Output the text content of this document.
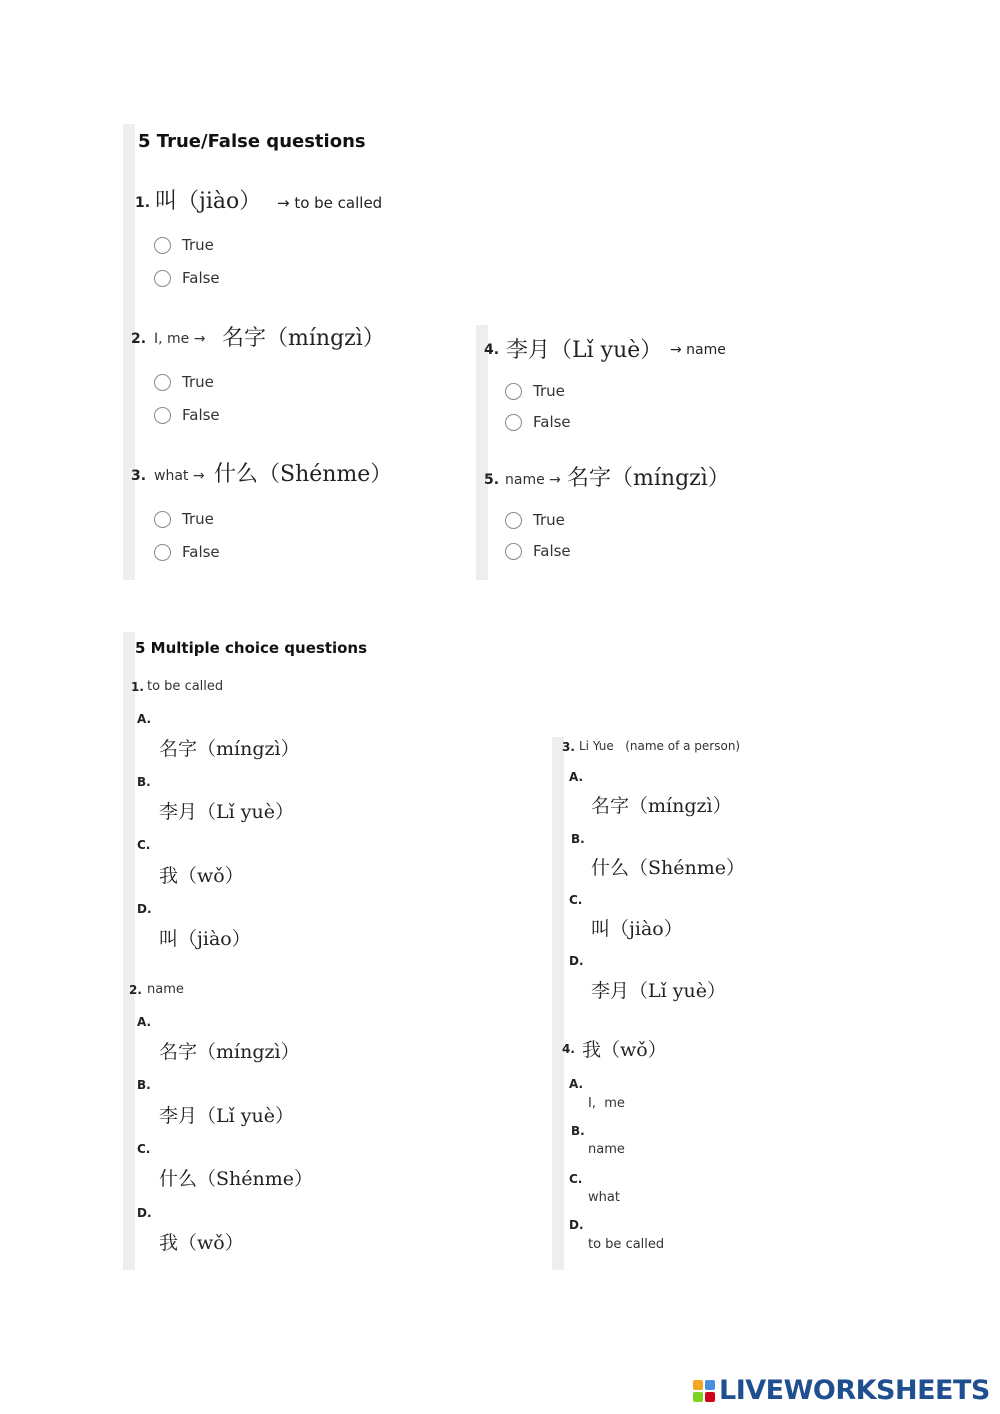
5 True/False questions
1. 叫（jiào） → to be called
True
False
2. I, me → 名字（míngzì）
True
False
3. what → 什么（Shénme）
True
False
4. 李月（Lǐ yuè） → name
True
False
5. name → 名字（míngzì）
True
False
5 Multiple choice questions
1. to be called
A.
名字（míngzì）
B.
李月（Lǐ yuè）
C.
我（wǒ）
D.
叫（jiào）
2. name
A.
名字（míngzì）
B.
李月（Lǐ yuè）
C.
什么（Shénme）
D.
我（wǒ）
3. Li Yue   (name of a person)
A.
名字（míngzì）
B.
什么（Shénme）
C.
叫（jiào）
D.
李月（Lǐ yuè）
4. 我（wǒ）
A.
I,  me
B.
name
C.
what
D.
to be called
LIVEWORKSHEETS
